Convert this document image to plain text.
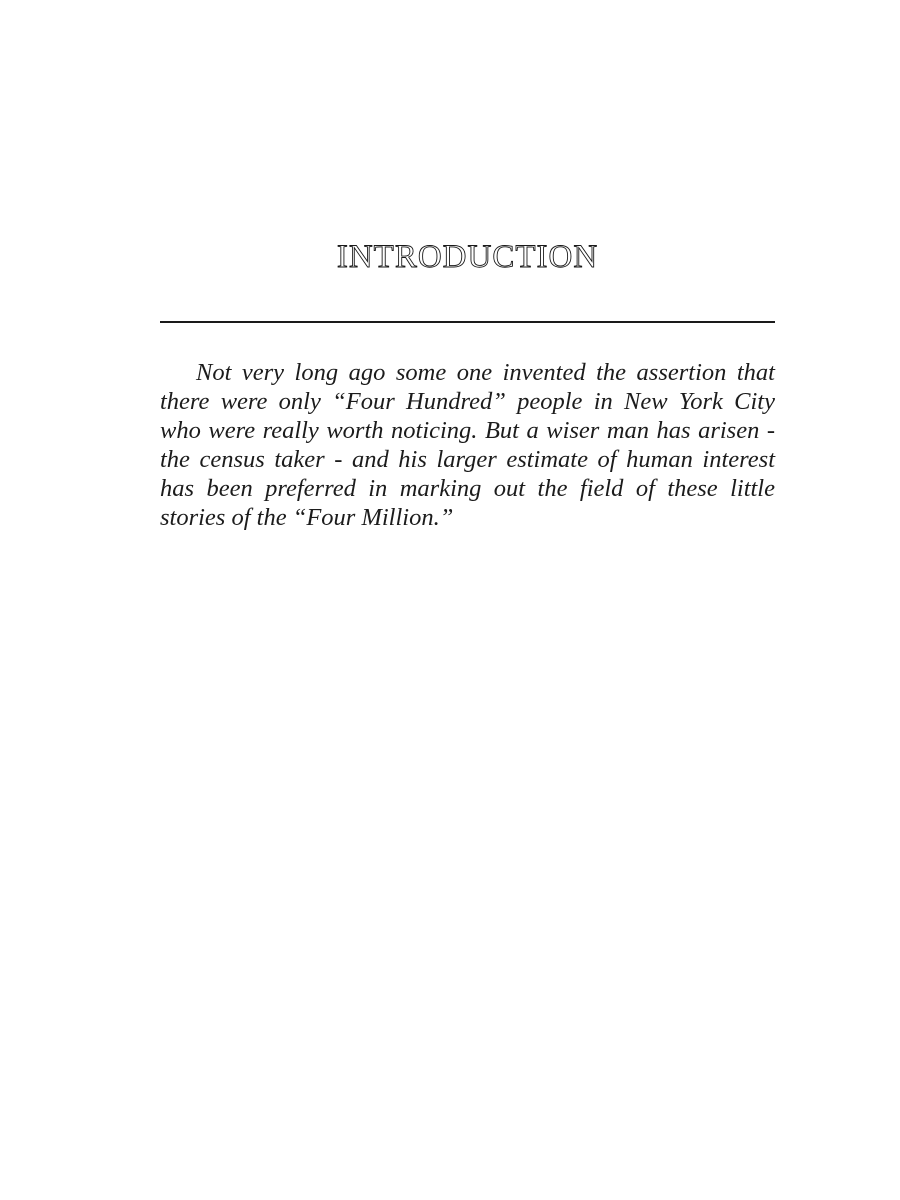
INTRODUCTION

Not very long ago some one invented the assertion that there were only “Four Hundred” people in New York City who were really worth noticing. But a wiser man has arisen - the census taker - and his larger estimate of human interest has been preferred in marking out the field of these little stories of the “Four Million.”
